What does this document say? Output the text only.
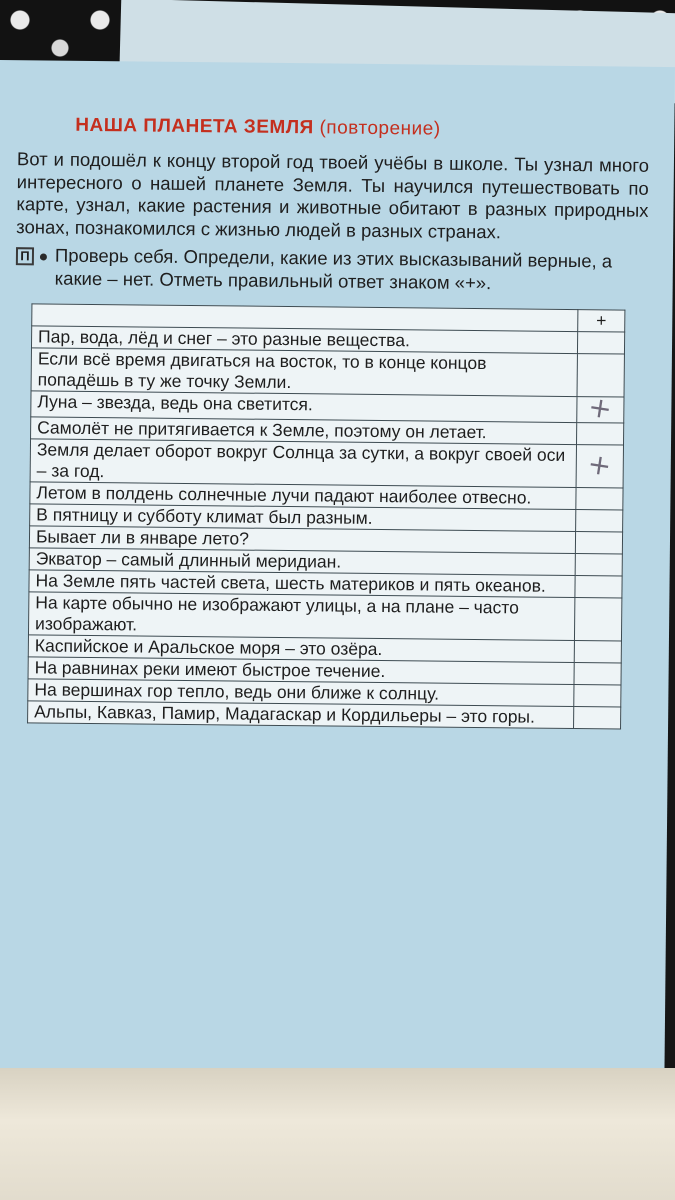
НАША ПЛАНЕТА ЗЕМЛЯ (повторение)
Вот и подошёл к концу второй год твоей учёбы в школе. Ты узнал много интересного о нашей планете Земля. Ты научился путешествовать по карте, узнал, какие растения и животные обитают в разных природных зонах, познакомился с жизнью людей в разных странах.
П Проверь себя. Определи, какие из этих высказываний верные, а какие – нет. Отметь правильный ответ знаком «+».
	+
Пар, вода, лёд и снег – это разные вещества.	
Если всё время двигаться на восток, то в конце концов попадёшь в ту же точку Земли.	
Луна – звезда, ведь она светится.	+
Самолёт не притягивается к Земле, поэтому он летает.	
Земля делает оборот вокруг Солнца за сутки, а вокруг своей оси – за год.	+
Летом в полдень солнечные лучи падают наиболее отвесно.	
В пятницу и субботу климат был разным.	
Бывает ли в январе лето?	
Экватор – самый длинный меридиан.	
На Земле пять частей света, шесть материков и пять океанов.	
На карте обычно не изображают улицы, а на плане – часто изображают.	
Каспийское и Аральское моря – это озёра.	
На равнинах реки имеют быстрое течение.	
На вершинах гор тепло, ведь они ближе к солнцу.	
Альпы, Кавказ, Памир, Мадагаскар и Кордильеры – это горы.	
